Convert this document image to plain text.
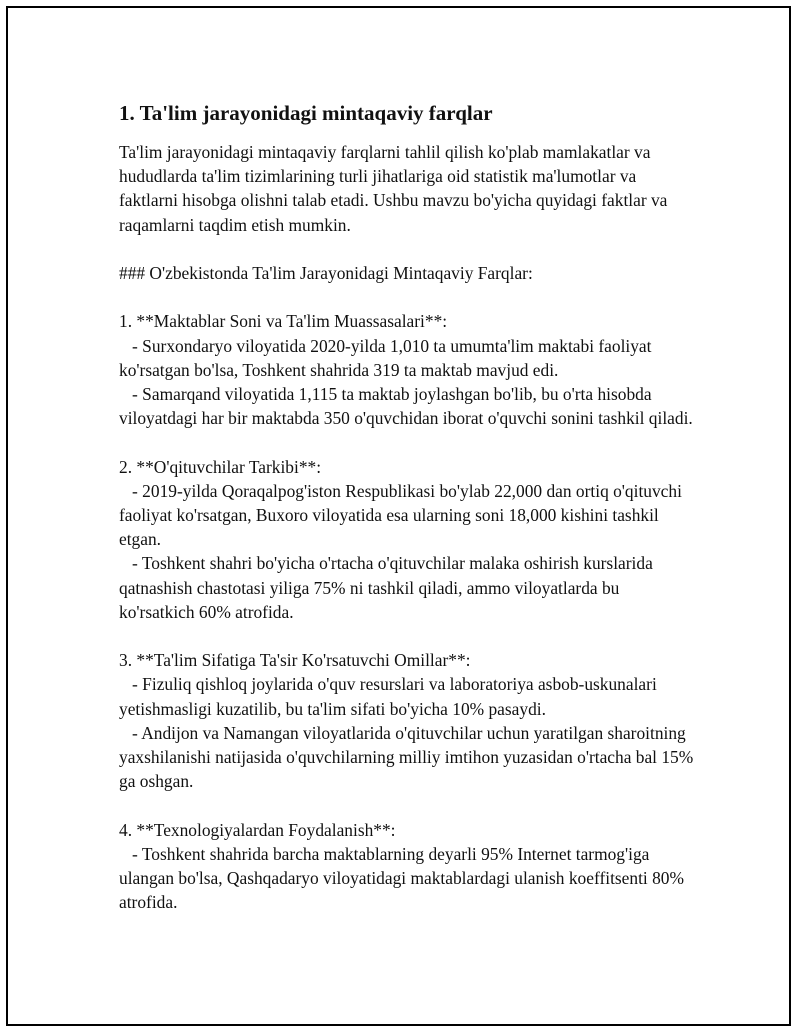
1. Ta'lim jarayonidagi mintaqaviy farqlar

Ta'lim jarayonidagi mintaqaviy farqlarni tahlil qilish ko'plab mamlakatlar va hududlarda ta'lim tizimlarining turli jihatlariga oid statistik ma'lumotlar va faktlarni hisobga olishni talab etadi. Ushbu mavzu bo'yicha quyidagi faktlar va raqamlarni taqdim etish mumkin.

### O'zbekistonda Ta'lim Jarayonidagi Mintaqaviy Farqlar:

1. **Maktablar Soni va Ta'lim Muassasalari**:

- Surxondaryo viloyatida 2020-yilda 1,010 ta umumta'lim maktabi faoliyat ko'rsatgan bo'lsa, Toshkent shahrida 319 ta maktab mavjud edi.

- Samarqand viloyatida 1,115 ta maktab joylashgan bo'lib, bu o'rta hisobda viloyatdagi har bir maktabda 350 o'quvchidan iborat o'quvchi sonini tashkil qiladi.

2. **O'qituvchilar Tarkibi**:

- 2019-yilda Qoraqalpog'iston Respublikasi bo'ylab 22,000 dan ortiq o'qituvchi faoliyat ko'rsatgan, Buxoro viloyatida esa ularning soni 18,000 kishini tashkil etgan.

- Toshkent shahri bo'yicha o'rtacha o'qituvchilar malaka oshirish kurslarida qatnashish chastotasi yiliga 75% ni tashkil qiladi, ammo viloyatlarda bu ko'rsatkich 60% atrofida.

3. **Ta'lim Sifatiga Ta'sir Ko'rsatuvchi Omillar**:

- Fizuliq qishloq joylarida o'quv resurslari va laboratoriya asbob-uskunalari yetishmasligi kuzatilib, bu ta'lim sifati bo'yicha 10% pasaydi.

- Andijon va Namangan viloyatlarida o'qituvchilar uchun yaratilgan sharoitning yaxshilanishi natijasida o'quvchilarning milliy imtihon yuzasidan o'rtacha bal 15% ga oshgan.

4. **Texnologiyalardan Foydalanish**:

- Toshkent shahrida barcha maktablarning deyarli 95% Internet tarmog'iga ulangan bo'lsa, Qashqadaryo viloyatidagi maktablardagi ulanish koeffitsenti 80% atrofida.
